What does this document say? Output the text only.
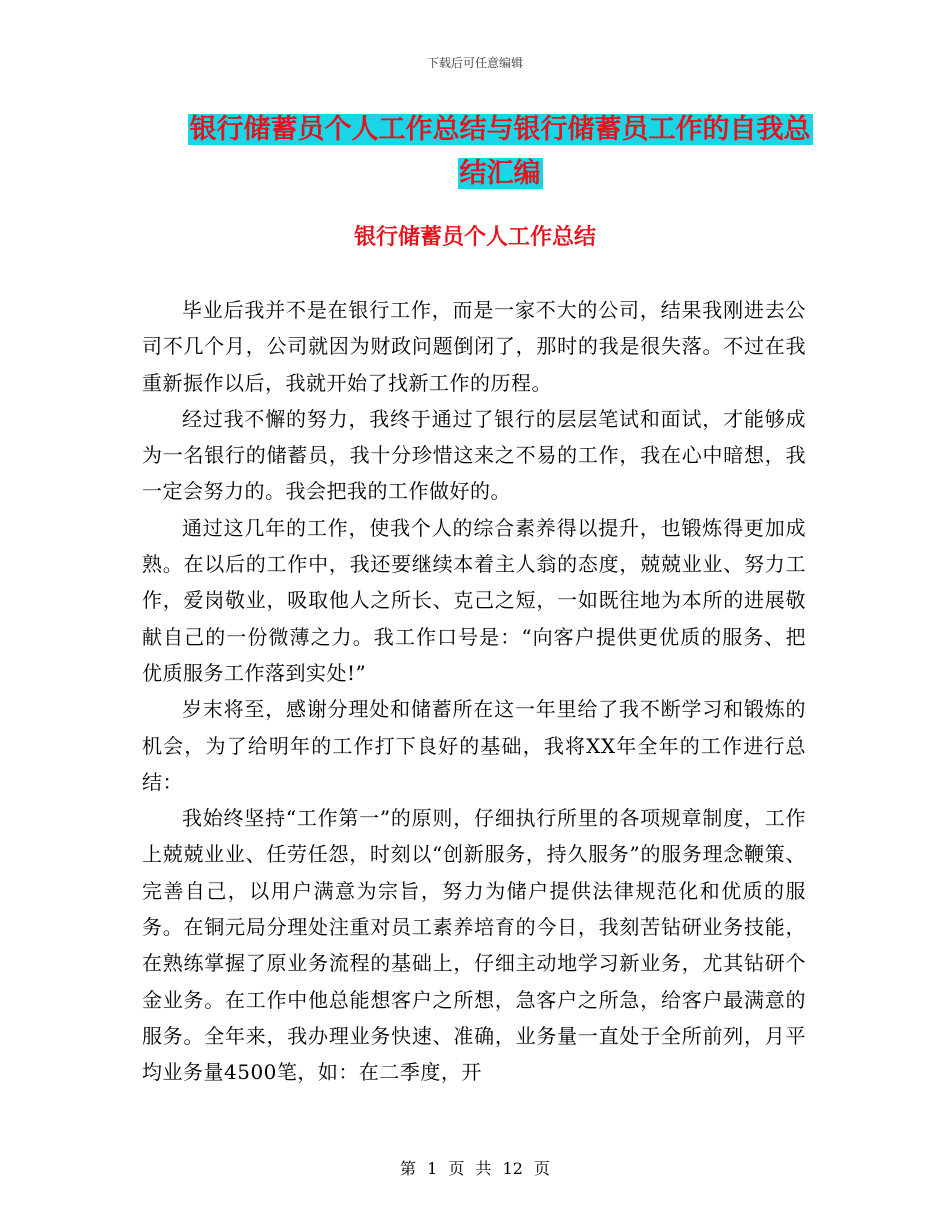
下载后可任意编辑
银行储蓄员个人工作总结与银行储蓄员工作的自我总
结汇编
银行储蓄员个人工作总结

毕业后我并不是在银行工作，而是一家不大的公司，结果我刚进去公司不几个月，公司就因为财政问题倒闭了，那时的我是很失落。不过在我重新振作以后，我就开始了找新工作的历程。

经过我不懈的努力，我终于通过了银行的层层笔试和面试，才能够成为一名银行的储蓄员，我十分珍惜这来之不易的工作，我在心中暗想，我一定会努力的。我会把我的工作做好的。

通过这几年的工作，使我个人的综合素养得以提升，也锻炼得更加成熟。在以后的工作中，我还要继续本着主人翁的态度，兢兢业业、努力工作，爱岗敬业，吸取他人之所长、克己之短，一如既往地为本所的进展敬献自己的一份微薄之力。我工作口号是：“向客户提供更优质的服务、把优质服务工作落到实处!”

岁末将至，感谢分理处和储蓄所在这一年里给了我不断学习和锻炼的机会，为了给明年的工作打下良好的基础，我将XX年全年的工作进行总结：

我始终坚持“工作第一”的原则，仔细执行所里的各项规章制度，工作上兢兢业业、任劳任怨，时刻以“创新服务，持久服务”的服务理念鞭策、完善自己，以用户满意为宗旨，努力为储户提供法律规范化和优质的服务。在铜元局分理处注重对员工素养培育的今日，我刻苦钻研业务技能，在熟练掌握了原业务流程的基础上，仔细主动地学习新业务，尤其钻研个金业务。在工作中他总能想客户之所想，急客户之所急，给客户最满意的服务。全年来，我办理业务快速、准确，业务量一直处于全所前列，月平均业务量4500笔，如：在二季度，开

第 1 页 共 12 页
